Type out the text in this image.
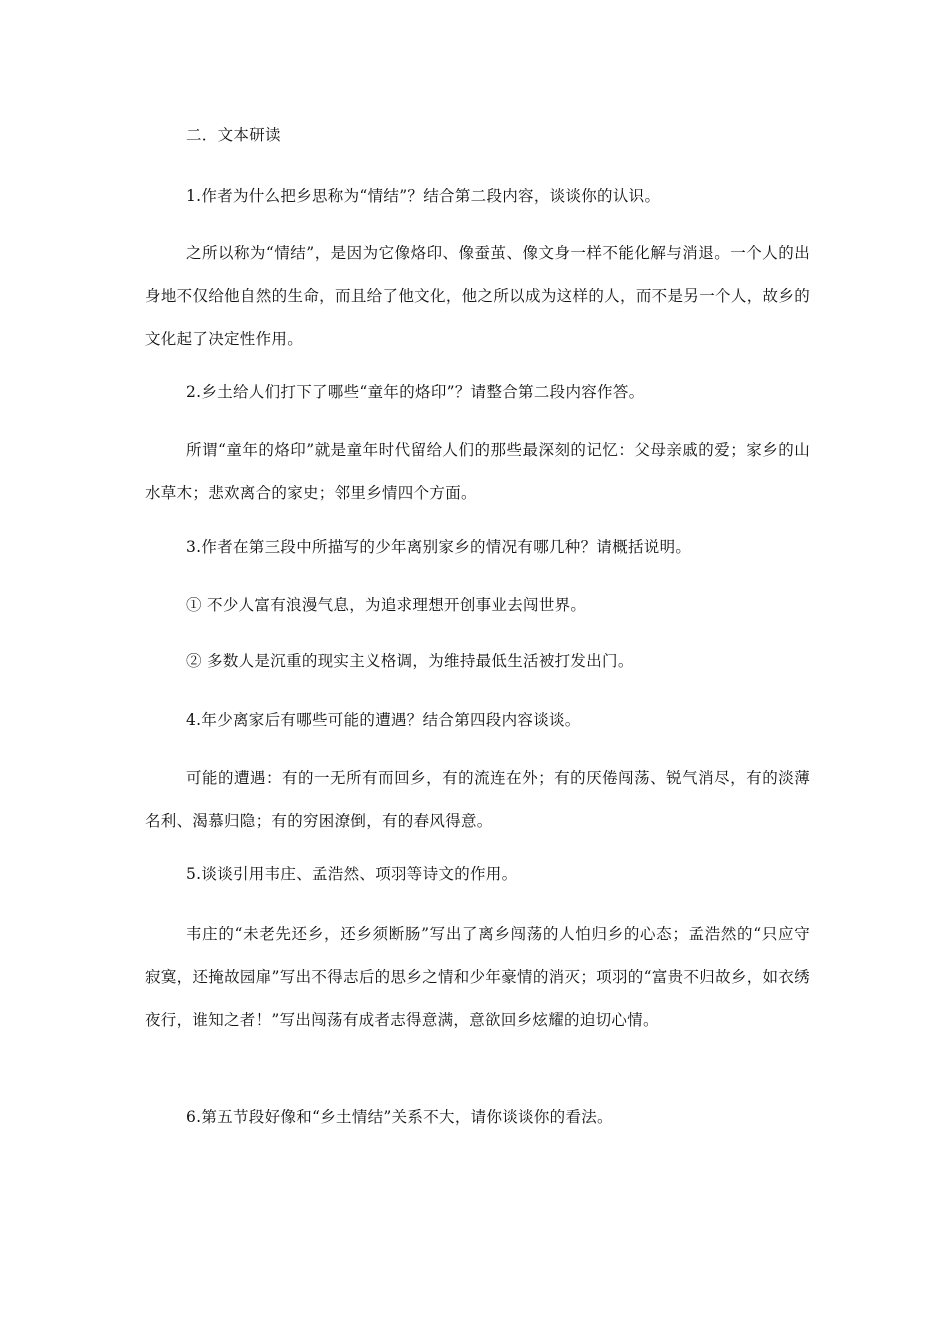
二．文本研读

1.作者为什么把乡思称为“情结”？结合第二段内容，谈谈你的认识。

之所以称为“情结”，是因为它像烙印、像蚕茧、像文身一样不能化解与消退。一个人的出身地不仅给他自然的生命，而且给了他文化，他之所以成为这样的人，而不是另一个人，故乡的文化起了决定性作用。

2.乡土给人们打下了哪些“童年的烙印”？请整合第二段内容作答。

所谓“童年的烙印”就是童年时代留给人们的那些最深刻的记忆：父母亲戚的爱；家乡的山水草木；悲欢离合的家史；邻里乡情四个方面。

3.作者在第三段中所描写的少年离别家乡的情况有哪几种？请概括说明。

① 不少人富有浪漫气息，为追求理想开创事业去闯世界。

② 多数人是沉重的现实主义格调，为维持最低生活被打发出门。

4.年少离家后有哪些可能的遭遇？结合第四段内容谈谈。

可能的遭遇：有的一无所有而回乡，有的流连在外；有的厌倦闯荡、锐气消尽，有的淡薄名利、渴慕归隐；有的穷困潦倒，有的春风得意。

5.谈谈引用韦庄、孟浩然、项羽等诗文的作用。

韦庄的“未老先还乡，还乡须断肠”写出了离乡闯荡的人怕归乡的心态；孟浩然的“只应守寂寞，还掩故园扉”写出不得志后的思乡之情和少年豪情的消灭；项羽的“富贵不归故乡，如衣绣夜行，谁知之者！”写出闯荡有成者志得意满，意欲回乡炫耀的迫切心情。

6.第五节段好像和“乡土情结”关系不大，请你谈谈你的看法。
